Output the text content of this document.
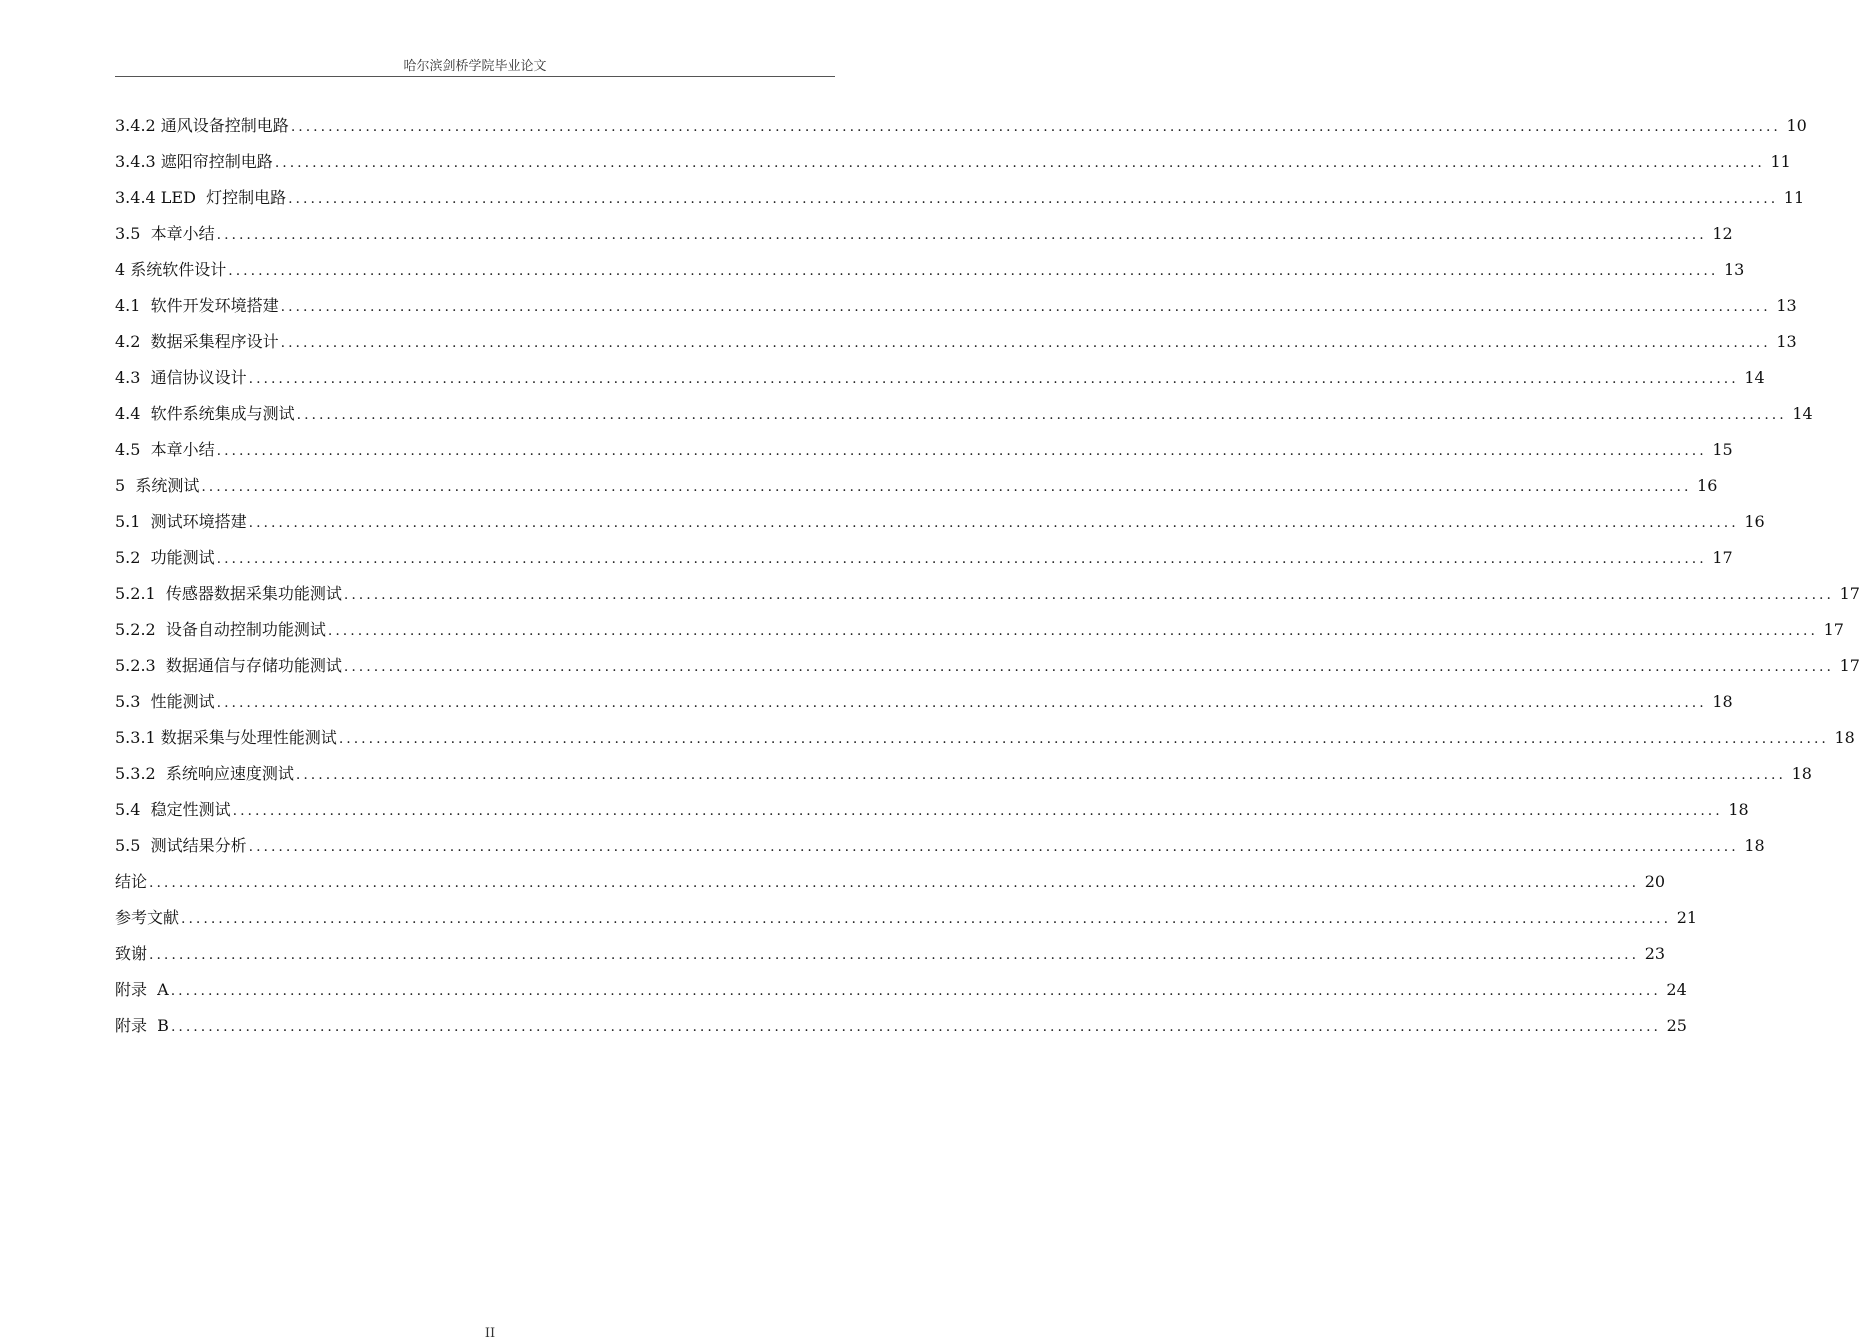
哈尔滨剑桥学院毕业论文
3.4.2 通风设备控制电路 ........................................................................................................................................................................................................ 10
3.4.3 遮阳帘控制电路 ........................................................................................................................................................................................................ 11
3.4.4 LED  灯控制电路 ........................................................................................................................................................................................................ 11
3.5  本章小结 ........................................................................................................................................................................................................ 12
4 系统软件设计 ........................................................................................................................................................................................................ 13
4.1  软件开发环境搭建 ........................................................................................................................................................................................................ 13
4.2  数据采集程序设计 ........................................................................................................................................................................................................ 13
4.3  通信协议设计 ........................................................................................................................................................................................................ 14
4.4  软件系统集成与测试 ........................................................................................................................................................................................................ 14
4.5  本章小结 ........................................................................................................................................................................................................ 15
5  系统测试 ........................................................................................................................................................................................................ 16
5.1  测试环境搭建 ........................................................................................................................................................................................................ 16
5.2  功能测试 ........................................................................................................................................................................................................ 17
5.2.1  传感器数据采集功能测试 ........................................................................................................................................................................................................ 17
5.2.2  设备自动控制功能测试 ........................................................................................................................................................................................................ 17
5.2.3  数据通信与存储功能测试 ........................................................................................................................................................................................................ 17
5.3  性能测试 ........................................................................................................................................................................................................ 18
5.3.1 数据采集与处理性能测试 ........................................................................................................................................................................................................ 18
5.3.2  系统响应速度测试 ........................................................................................................................................................................................................ 18
5.4  稳定性测试 ........................................................................................................................................................................................................ 18
5.5  测试结果分析 ........................................................................................................................................................................................................ 18
结论 ........................................................................................................................................................................................................ 20
参考文献 ........................................................................................................................................................................................................ 21
致谢 ........................................................................................................................................................................................................ 23
附录  A ........................................................................................................................................................................................................ 24
附录  B ........................................................................................................................................................................................................ 25
II
